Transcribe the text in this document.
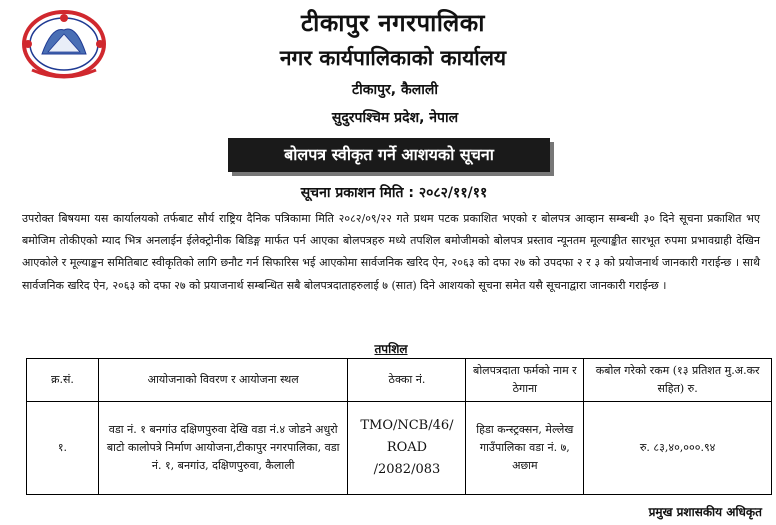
टीकापुर नगरपालिका
नगर कार्यपालिकाको कार्यालय
टीकापुर, कैलाली
सुदुरपश्चिम प्रदेश, नेपाल
बोलपत्र स्वीकृत गर्ने आशयको सूचना
सूचना प्रकाशन मिति : २०८२/११/११
उपरोक्त बिषयमा यस कार्यालयको तर्फबाट सौर्य राष्ट्रिय दैनिक पत्रिकामा मिति २०८२/०९/२२ गते प्रथम पटक प्रकाशित भएको र बोलपत्र आव्हान सम्बन्धी ३० दिने सूचना प्रकाशित भए बमोजिम तोकीएको म्याद भित्र अनलाईन ईलेक्ट्रोनीक बिडिङ्ग मार्फत पर्न आएका बोलपत्रहरु मध्ये तपशिल बमोजीमको बोलपत्र प्रस्ताव न्यूनतम मूल्याङ्कीत सारभूत रुपमा प्रभावग्राही देखिन आएकोले र मूल्याङ्कन समितिबाट स्वीकृतिको लागि छनौट गर्न सिफारिस भई आएकोमा सार्वजनिक खरिद ऐन, २०६३ को दफा २७ को उपदफा २ र ३ को प्रयोजनार्थ जानकारी गराईन्छ । साथै सार्वजनिक खरिद ऐन, २०६३ को दफा २७ को प्रयाजनार्थ सम्बन्धित सबै बोलपत्रदाताहरुलाई ७ (सात) दिने आशयको सूचना समेत यसै सूचनाद्वारा जानकारी गराईन्छ ।
तपशिल
क्र.सं.	आयोजनाको विवरण र आयोजना स्थल	ठेक्का नं.	बोलपत्रदाता फर्मको नाम र ठेगाना	कबोल गरेको रकम (१३ प्रतिशत मु.अ.कर सहित) रु.
१.	वडा नं. १ बनगांउ दक्षिणपुरुवा देखि वडा नं.४ जोडने अधुरो बाटो कालोपत्रे निर्माण आयोजना,टीकापुर नगरपालिका, वडा नं. १, बनगांउ, दक्षिणपुरुवा, कैलाली	TMO/NCB/46/ ROAD /2082/083	हिडा कन्स्ट्रक्सन, मेल्लेख गाउँपालिका वडा नं. ७, अछाम	रु. ८३,४०,०००.९४
प्रमुख प्रशासकीय अधिकृत
